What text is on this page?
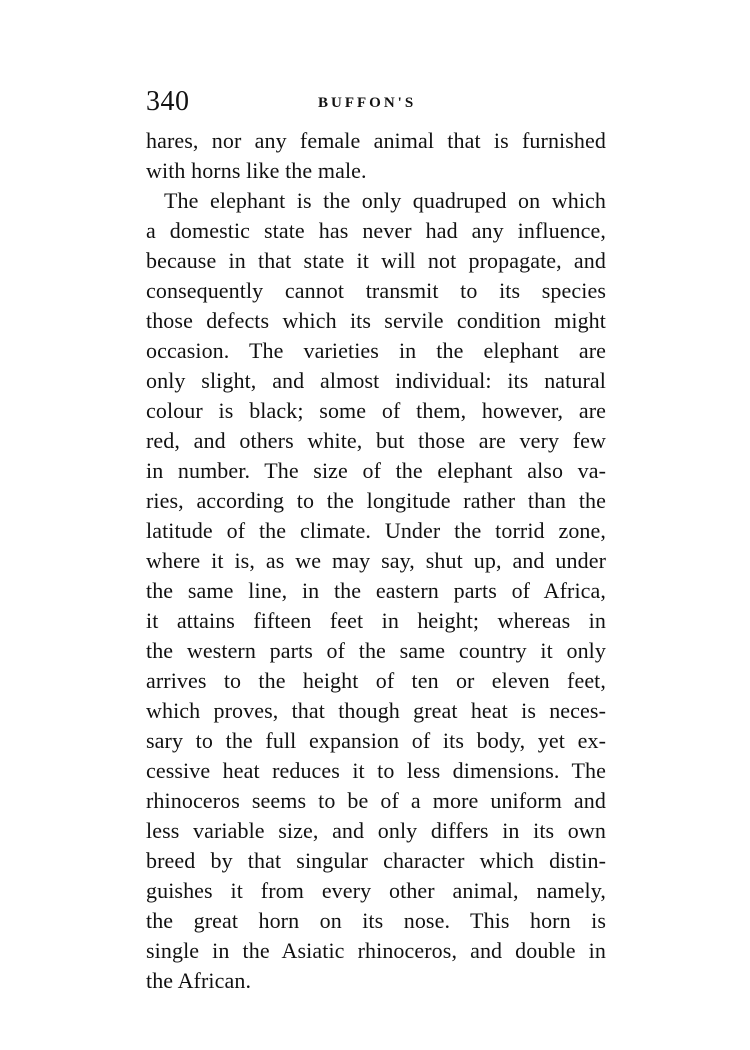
340	BUFFON'S
hares, nor any female animal that is furnished
with horns like the male.
The elephant is the only quadruped on which
a domestic state has never had any influence,
because in that state it will not propagate, and
consequently cannot transmit to its species
those defects which its servile condition might
occasion. The varieties in the elephant are
only slight, and almost individual: its natural
colour is black; some of them, however, are
red, and others white, but those are very few
in number. The size of the elephant also va-
ries, according to the longitude rather than the
latitude of the climate. Under the torrid zone,
where it is, as we may say, shut up, and under
the same line, in the eastern parts of Africa,
it attains fifteen feet in height; whereas in
the western parts of the same country it only
arrives to the height of ten or eleven feet,
which proves, that though great heat is neces-
sary to the full expansion of its body, yet ex-
cessive heat reduces it to less dimensions. The
rhinoceros seems to be of a more uniform and
less variable size, and only differs in its own
breed by that singular character which distin-
guishes it from every other animal, namely,
the great horn on its nose. This horn is
single in the Asiatic rhinoceros, and double in
the African.
